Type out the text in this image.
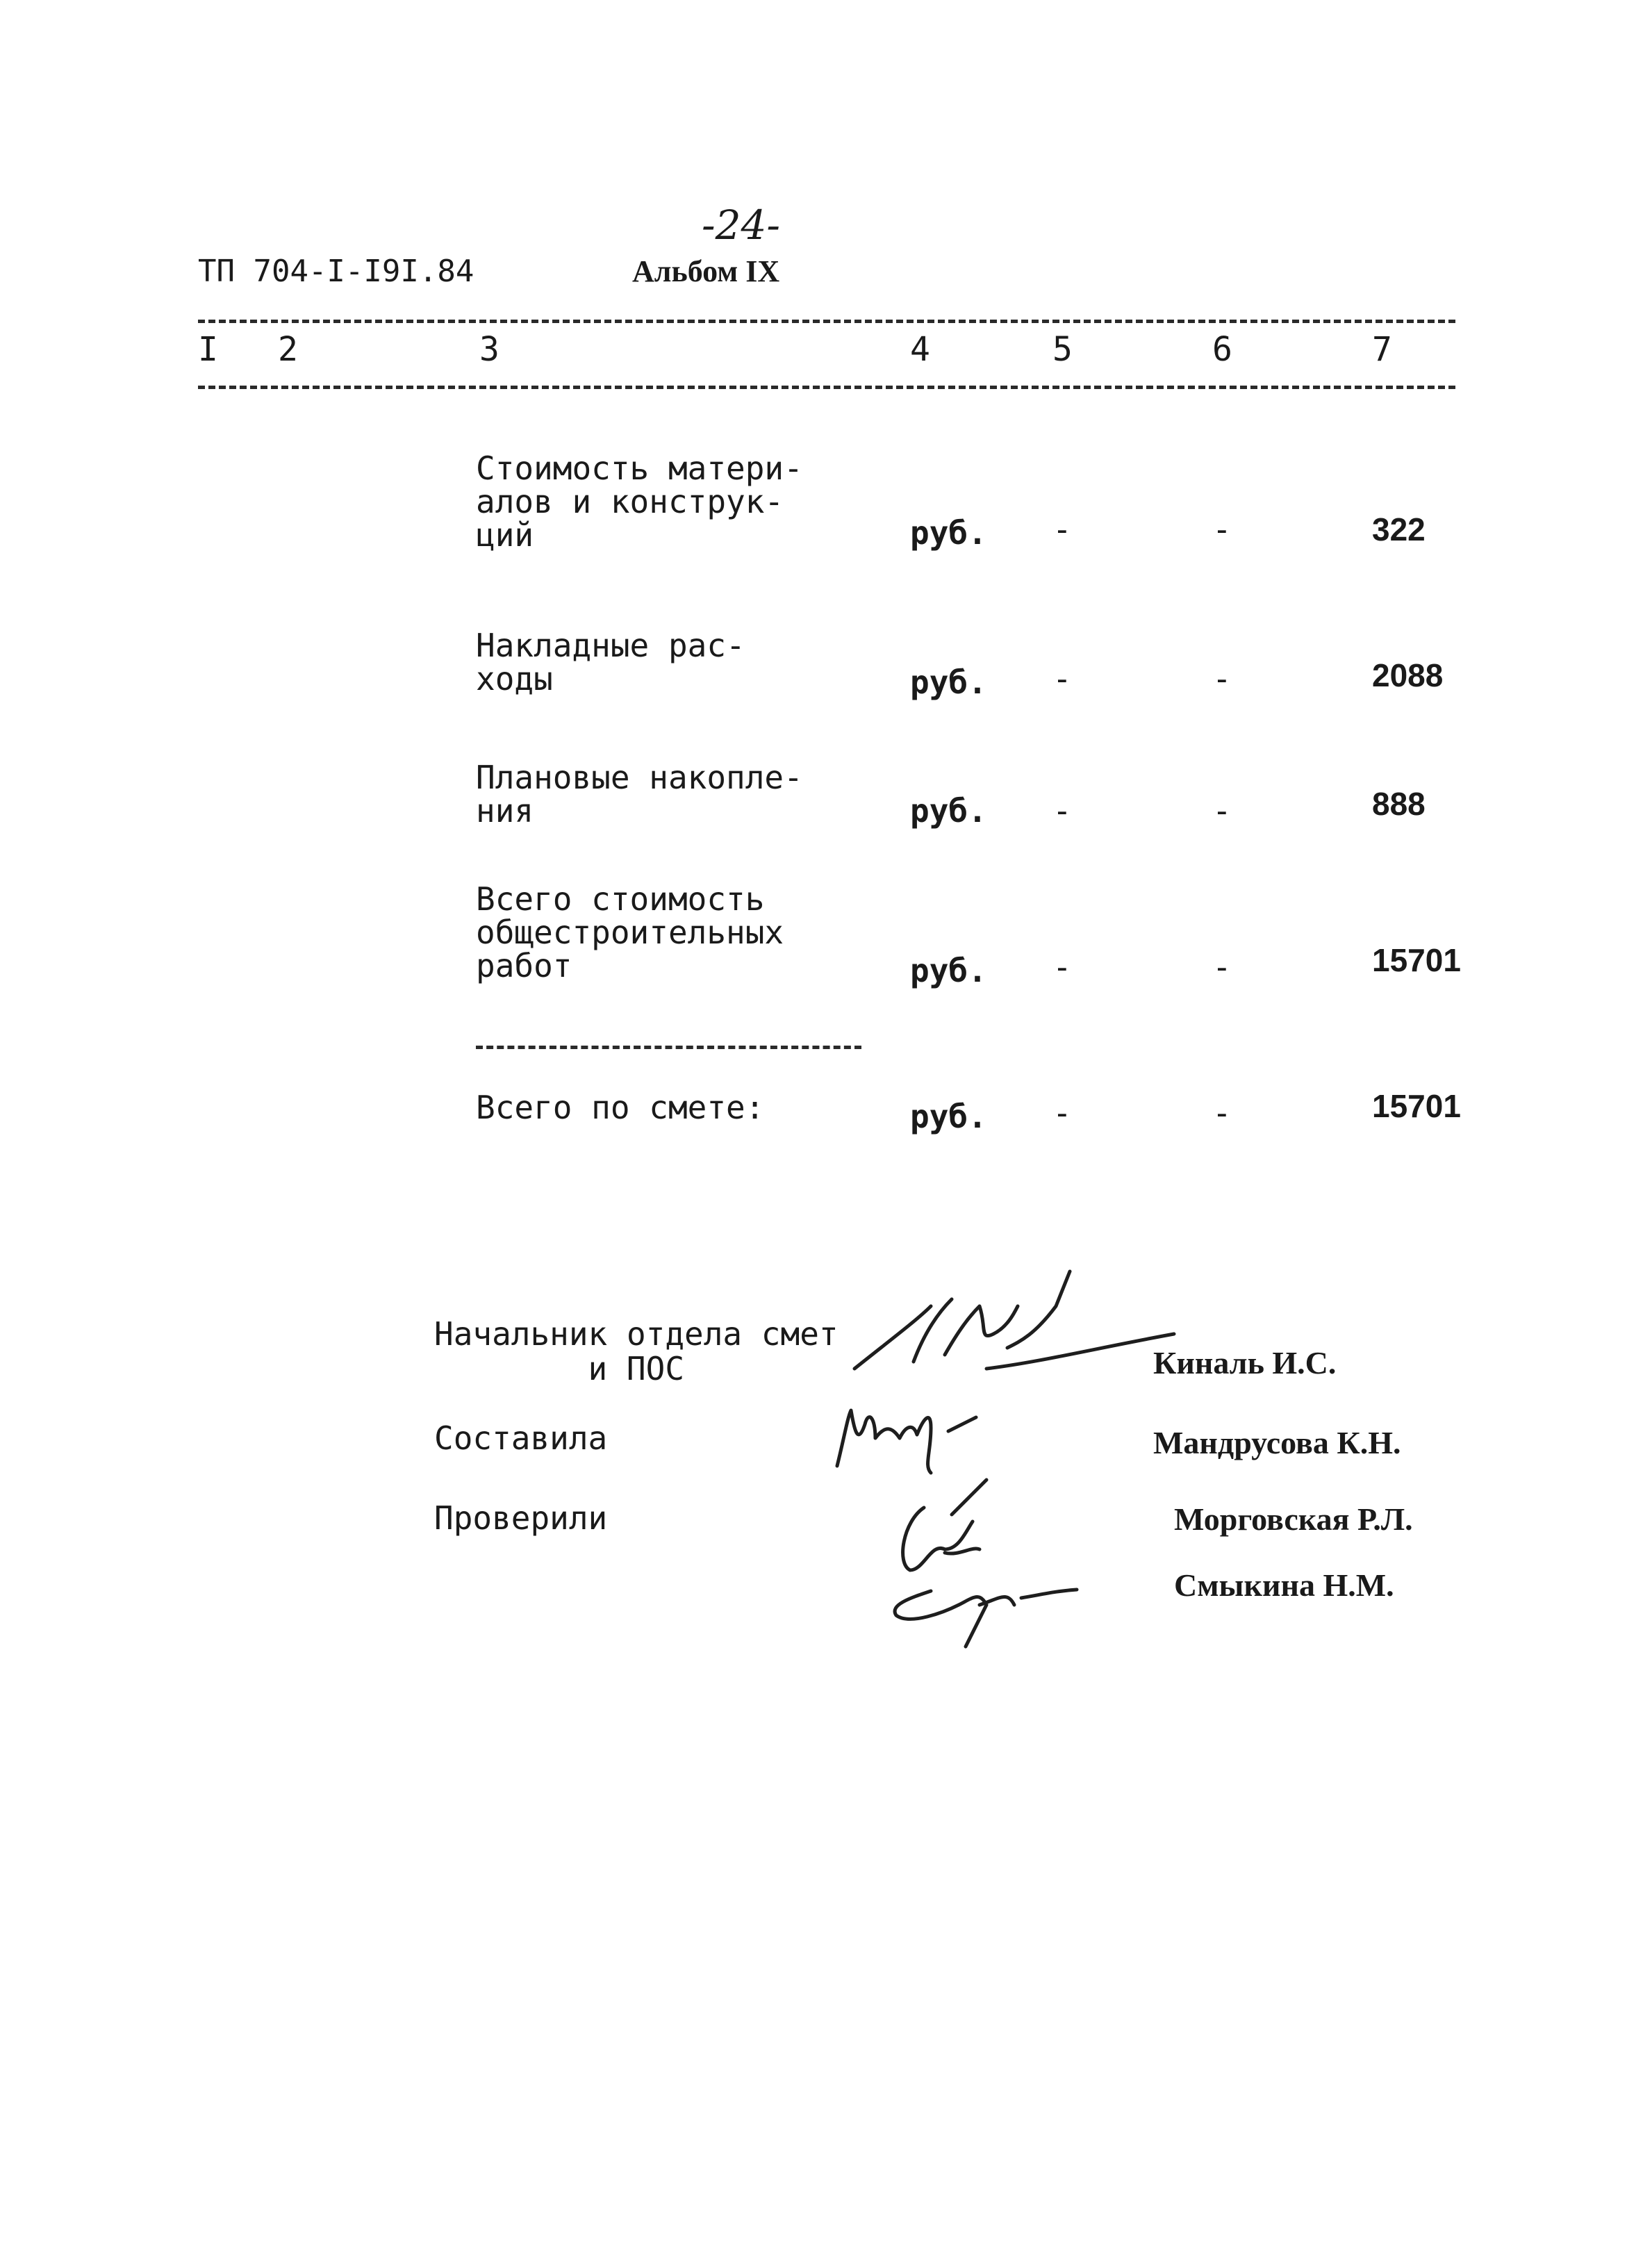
-24-
ТП 704-I-I9I.84	Альбом IX
I 2	3	4	5	6	7
Стоимость матери-
алов и конструк-
ций	руб. -	-	322
Накладные рас-
ходы	руб. -	-	2088
Плановые накопле-
ния	руб. -	-	888
Всего стоимость
общестроительных
работ	руб. -	-	15701
Всего по смете:	руб. -	-	15701
Начальник отдела смет
и ПОС	Киналь И.С.
Составила	Мандрусова К.Н.
Проверили	Морговская Р.Л.
Смыкина Н.М.
